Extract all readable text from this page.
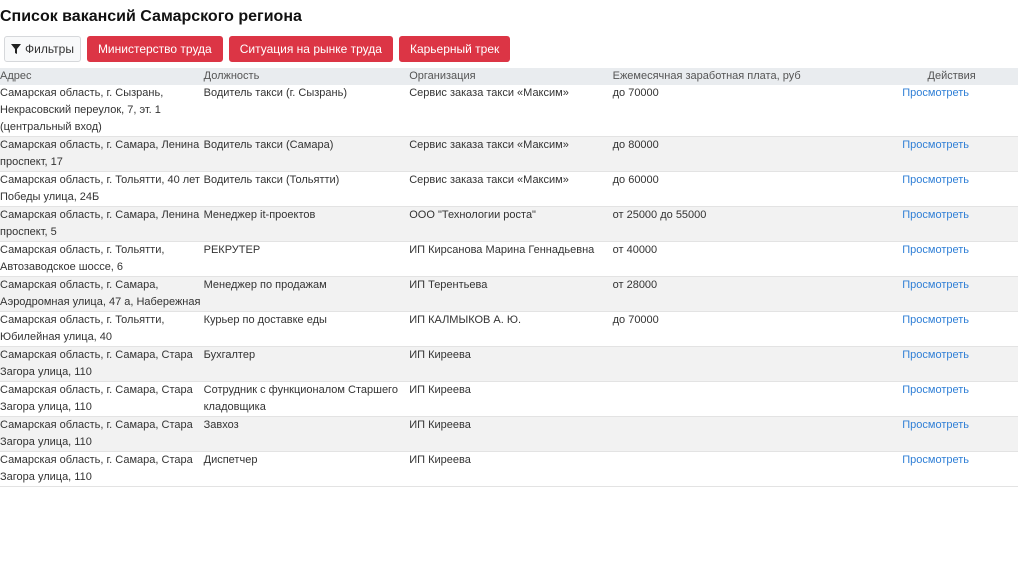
Список вакансий Самарского региона
Фильтры	Министерство труда	Ситуация на рынке труда	Карьерный трек
Адрес	Должность	Организация	Ежемесячная заработная плата, руб	Действия
Самарская область, г. Сызрань, Некрасовский переулок, 7, эт. 1 (центральный вход)	Водитель такси (г. Сызрань)	Сервис заказа такси «Максим»	до 70000	Просмотреть
Самарская область, г. Самара, Ленина проспект, 17	Водитель такси (Самара)	Сервис заказа такси «Максим»	до 80000	Просмотреть
Самарская область, г. Тольятти, 40 лет Победы улица, 24Б	Водитель такси (Тольятти)	Сервис заказа такси «Максим»	до 60000	Просмотреть
Самарская область, г. Самара, Ленина проспект, 5	Менеджер it-проектов	ООО "Технологии роста"	от 25000 до 55000	Просмотреть
Самарская область, г. Тольятти, Автозаводское шоссе, 6	РЕКРУТЕР	ИП Кирсанова Марина Геннадьевна	от 40000	Просмотреть
Самарская область, г. Самара, Аэродромная улица, 47 а, Набережная	Менеджер по продажам	ИП Терентьева	от 28000	Просмотреть
Самарская область, г. Тольятти, Юбилейная улица, 40	Курьер по доставке еды	ИП КАЛМЫКОВ А. Ю.	до 70000	Просмотреть
Самарская область, г. Самара, Стара Загора улица, 110	Бухгалтер	ИП Киреева		Просмотреть
Самарская область, г. Самара, Стара Загора улица, 110	Сотрудник с функционалом Старшего кладовщика	ИП Киреева		Просмотреть
Самарская область, г. Самара, Стара Загора улица, 110	Завхоз	ИП Киреева		Просмотреть
Самарская область, г. Самара, Стара Загора улица, 110	Диспетчер	ИП Киреева		Просмотреть
